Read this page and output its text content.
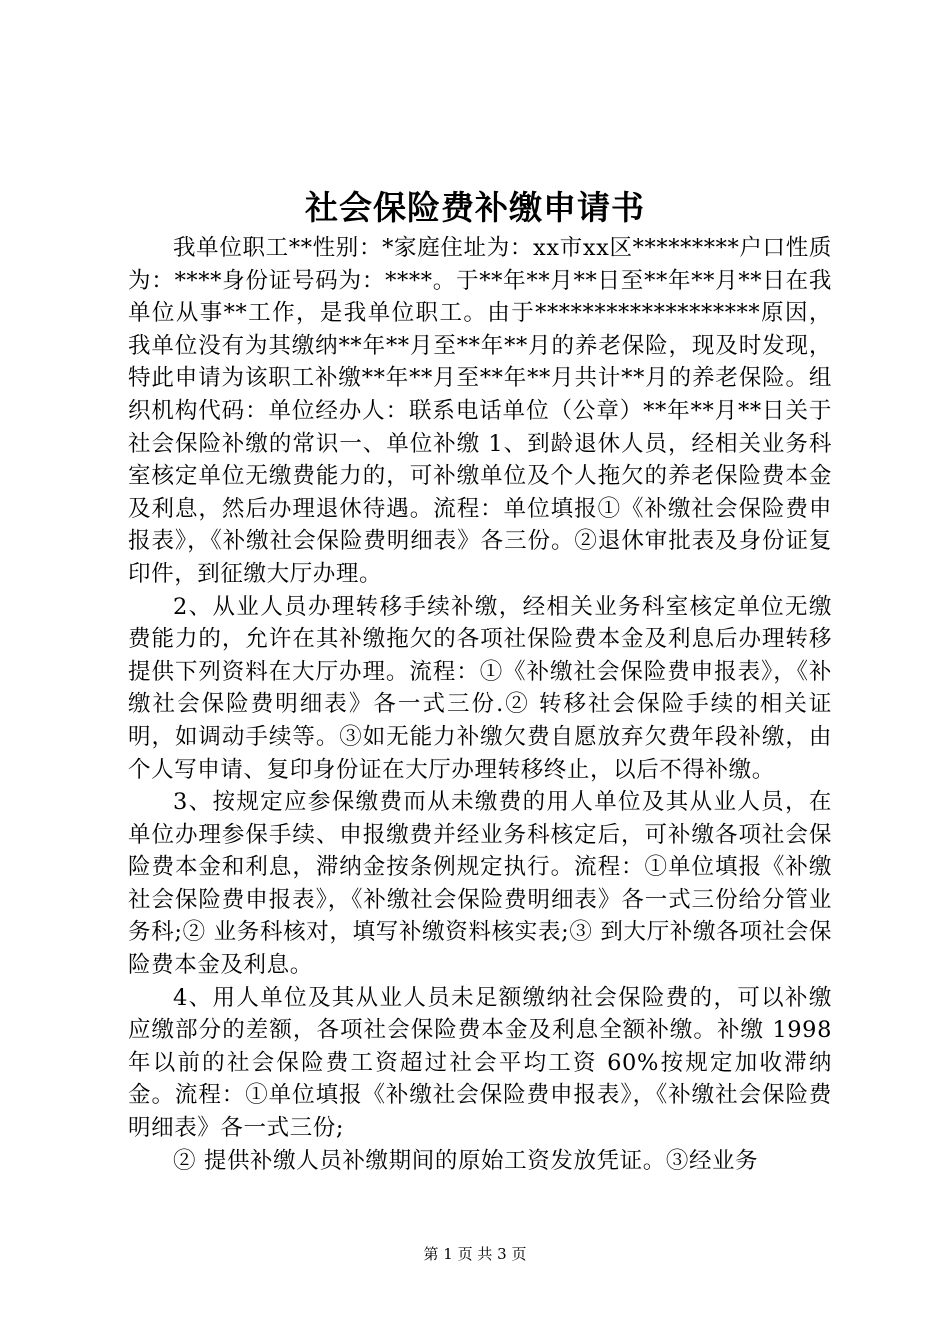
社会保险费补缴申请书

我单位职工**性别：*家庭住址为：xx市xx区*********户口性质为：****身份证号码为：****。于**年**月**日至**年**月**日在我单位从事**工作，是我单位职工。由于*******************原因，我单位没有为其缴纳**年**月至**年**月的养老保险，现及时发现，特此申请为该职工补缴**年**月至**年**月共计**月的养老保险。组织机构代码：单位经办人：联系电话单位（公章）**年**月**日关于社会保险补缴的常识一、单位补缴 1、到龄退休人员，经相关业务科室核定单位无缴费能力的，可补缴单位及个人拖欠的养老保险费本金及利息，然后办理退休待遇。流程：单位填报①《补缴社会保险费申报表》，《补缴社会保险费明细表》各三份。②退休审批表及身份证复印件，到征缴大厅办理。

2、从业人员办理转移手续补缴，经相关业务科室核定单位无缴费能力的，允许在其补缴拖欠的各项社保险费本金及利息后办理转移提供下列资料在大厅办理。流程：①《补缴社会保险费申报表》，《补缴社会保险费明细表》各一式三份.② 转移社会保险手续的相关证明，如调动手续等。③如无能力补缴欠费自愿放弃欠费年段补缴，由个人写申请、复印身份证在大厅办理转移终止，以后不得补缴。

3、按规定应参保缴费而从未缴费的用人单位及其从业人员，在单位办理参保手续、申报缴费并经业务科核定后，可补缴各项社会保险费本金和利息，滞纳金按条例规定执行。流程：①单位填报《补缴社会保险费申报表》，《补缴社会保险费明细表》各一式三份给分管业务科;② 业务科核对，填写补缴资料核实表;③ 到大厅补缴各项社会保险费本金及利息。

4、用人单位及其从业人员未足额缴纳社会保险费的，可以补缴应缴部分的差额，各项社会保险费本金及利息全额补缴。补缴 1998 年以前的社会保险费工资超过社会平均工资 60%按规定加收滞纳金。流程：①单位填报《补缴社会保险费申报表》，《补缴社会保险费明细表》各一式三份;

② 提供补缴人员补缴期间的原始工资发放凭证。③经业务

第 1 页 共 3 页
